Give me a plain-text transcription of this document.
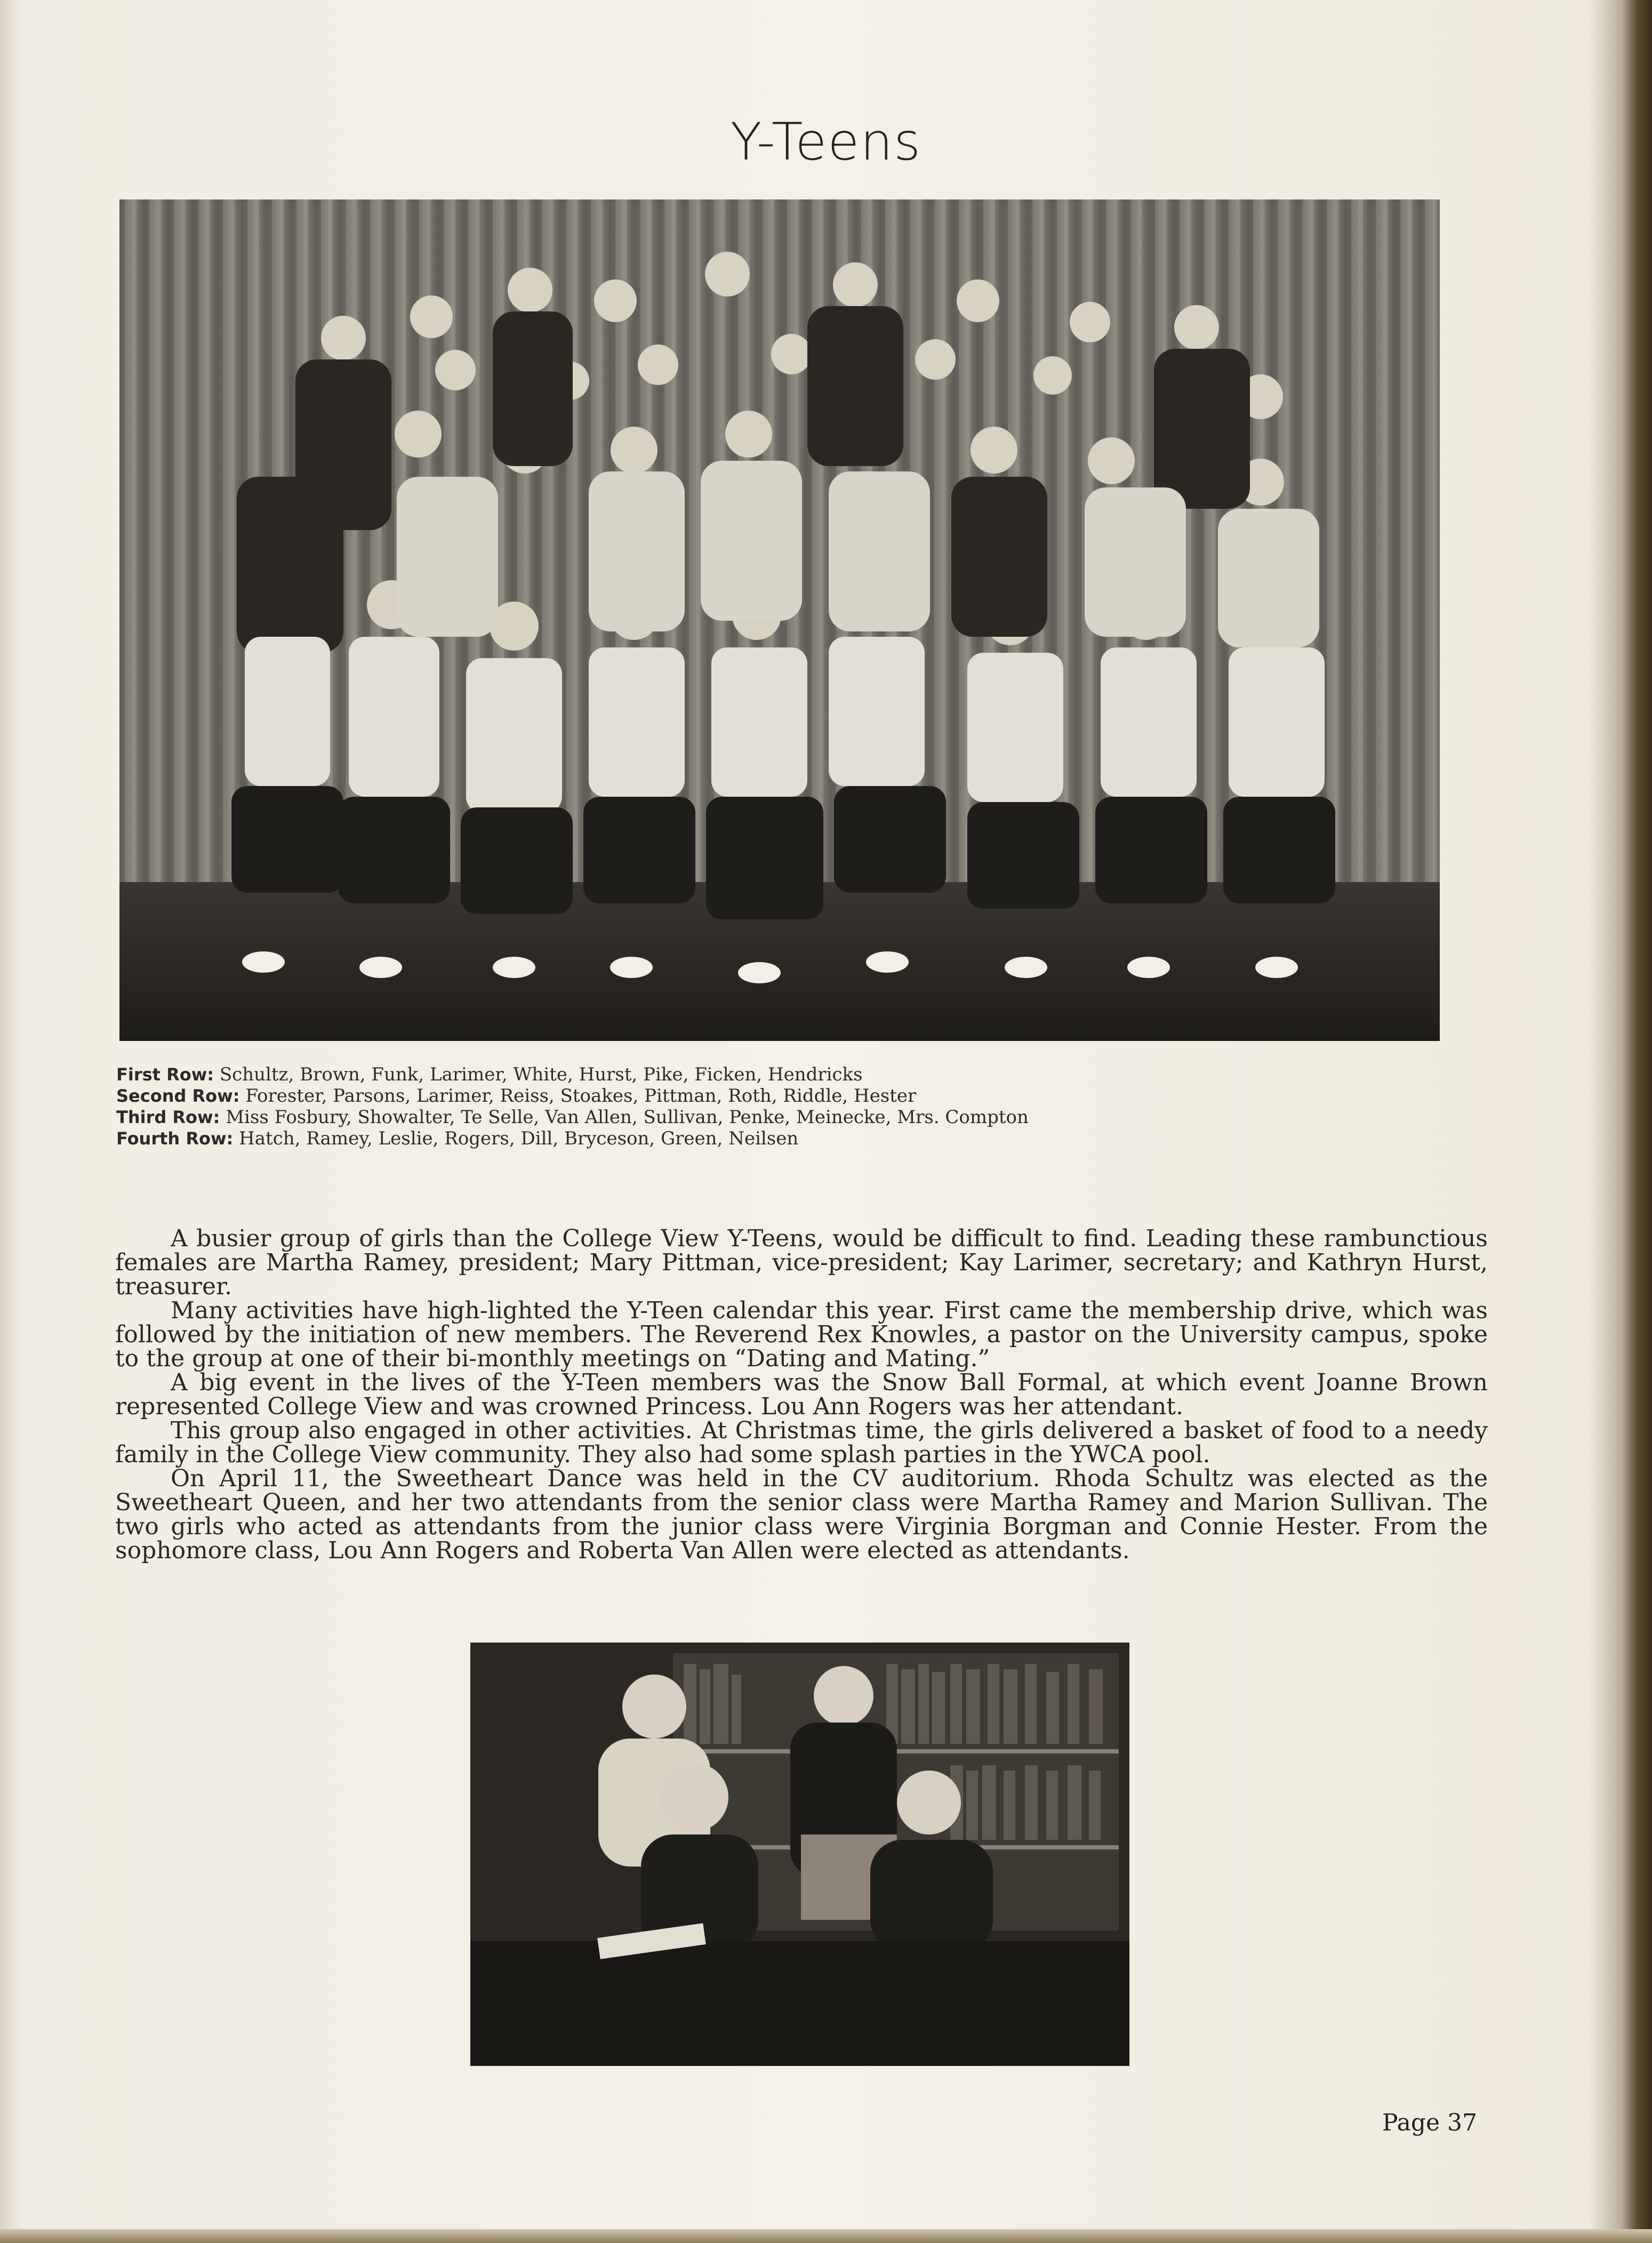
Y-Teens
First Row: Schultz, Brown, Funk, Larimer, White, Hurst, Pike, Ficken, Hendricks
Second Row: Forester, Parsons, Larimer, Reiss, Stoakes, Pittman, Roth, Riddle, Hester
Third Row: Miss Fosbury, Showalter, Te Selle, Van Allen, Sullivan, Penke, Meinecke, Mrs. Compton
Fourth Row: Hatch, Ramey, Leslie, Rogers, Dill, Bryceson, Green, Neilsen

A busier group of girls than the College View Y-Teens, would be difficult to find. Leading these rambunctious females are Martha Ramey, president; Mary Pittman, vice-president; Kay Larimer, secretary; and Kathryn Hurst, treasurer.

Many activities have high-lighted the Y-Teen calendar this year. First came the membership drive, which was followed by the initiation of new members. The Reverend Rex Knowles, a pastor on the University campus, spoke to the group at one of their bi-monthly meetings on “Dating and Mating.”

A big event in the lives of the Y-Teen members was the Snow Ball Formal, at which event Joanne Brown represented College View and was crowned Princess. Lou Ann Rogers was her attendant.

This group also engaged in other activities. At Christmas time, the girls delivered a basket of food to a needy family in the College View community. They also had some splash parties in the YWCA pool.

On April 11, the Sweetheart Dance was held in the CV auditorium. Rhoda Schultz was elected as the Sweetheart Queen, and her two attendants from the senior class were Martha Ramey and Marion Sullivan. The two girls who acted as attendants from the junior class were Virginia Borgman and Connie Hester. From the sophomore class, Lou Ann Rogers and Roberta Van Allen were elected as attendants.

Page 37
